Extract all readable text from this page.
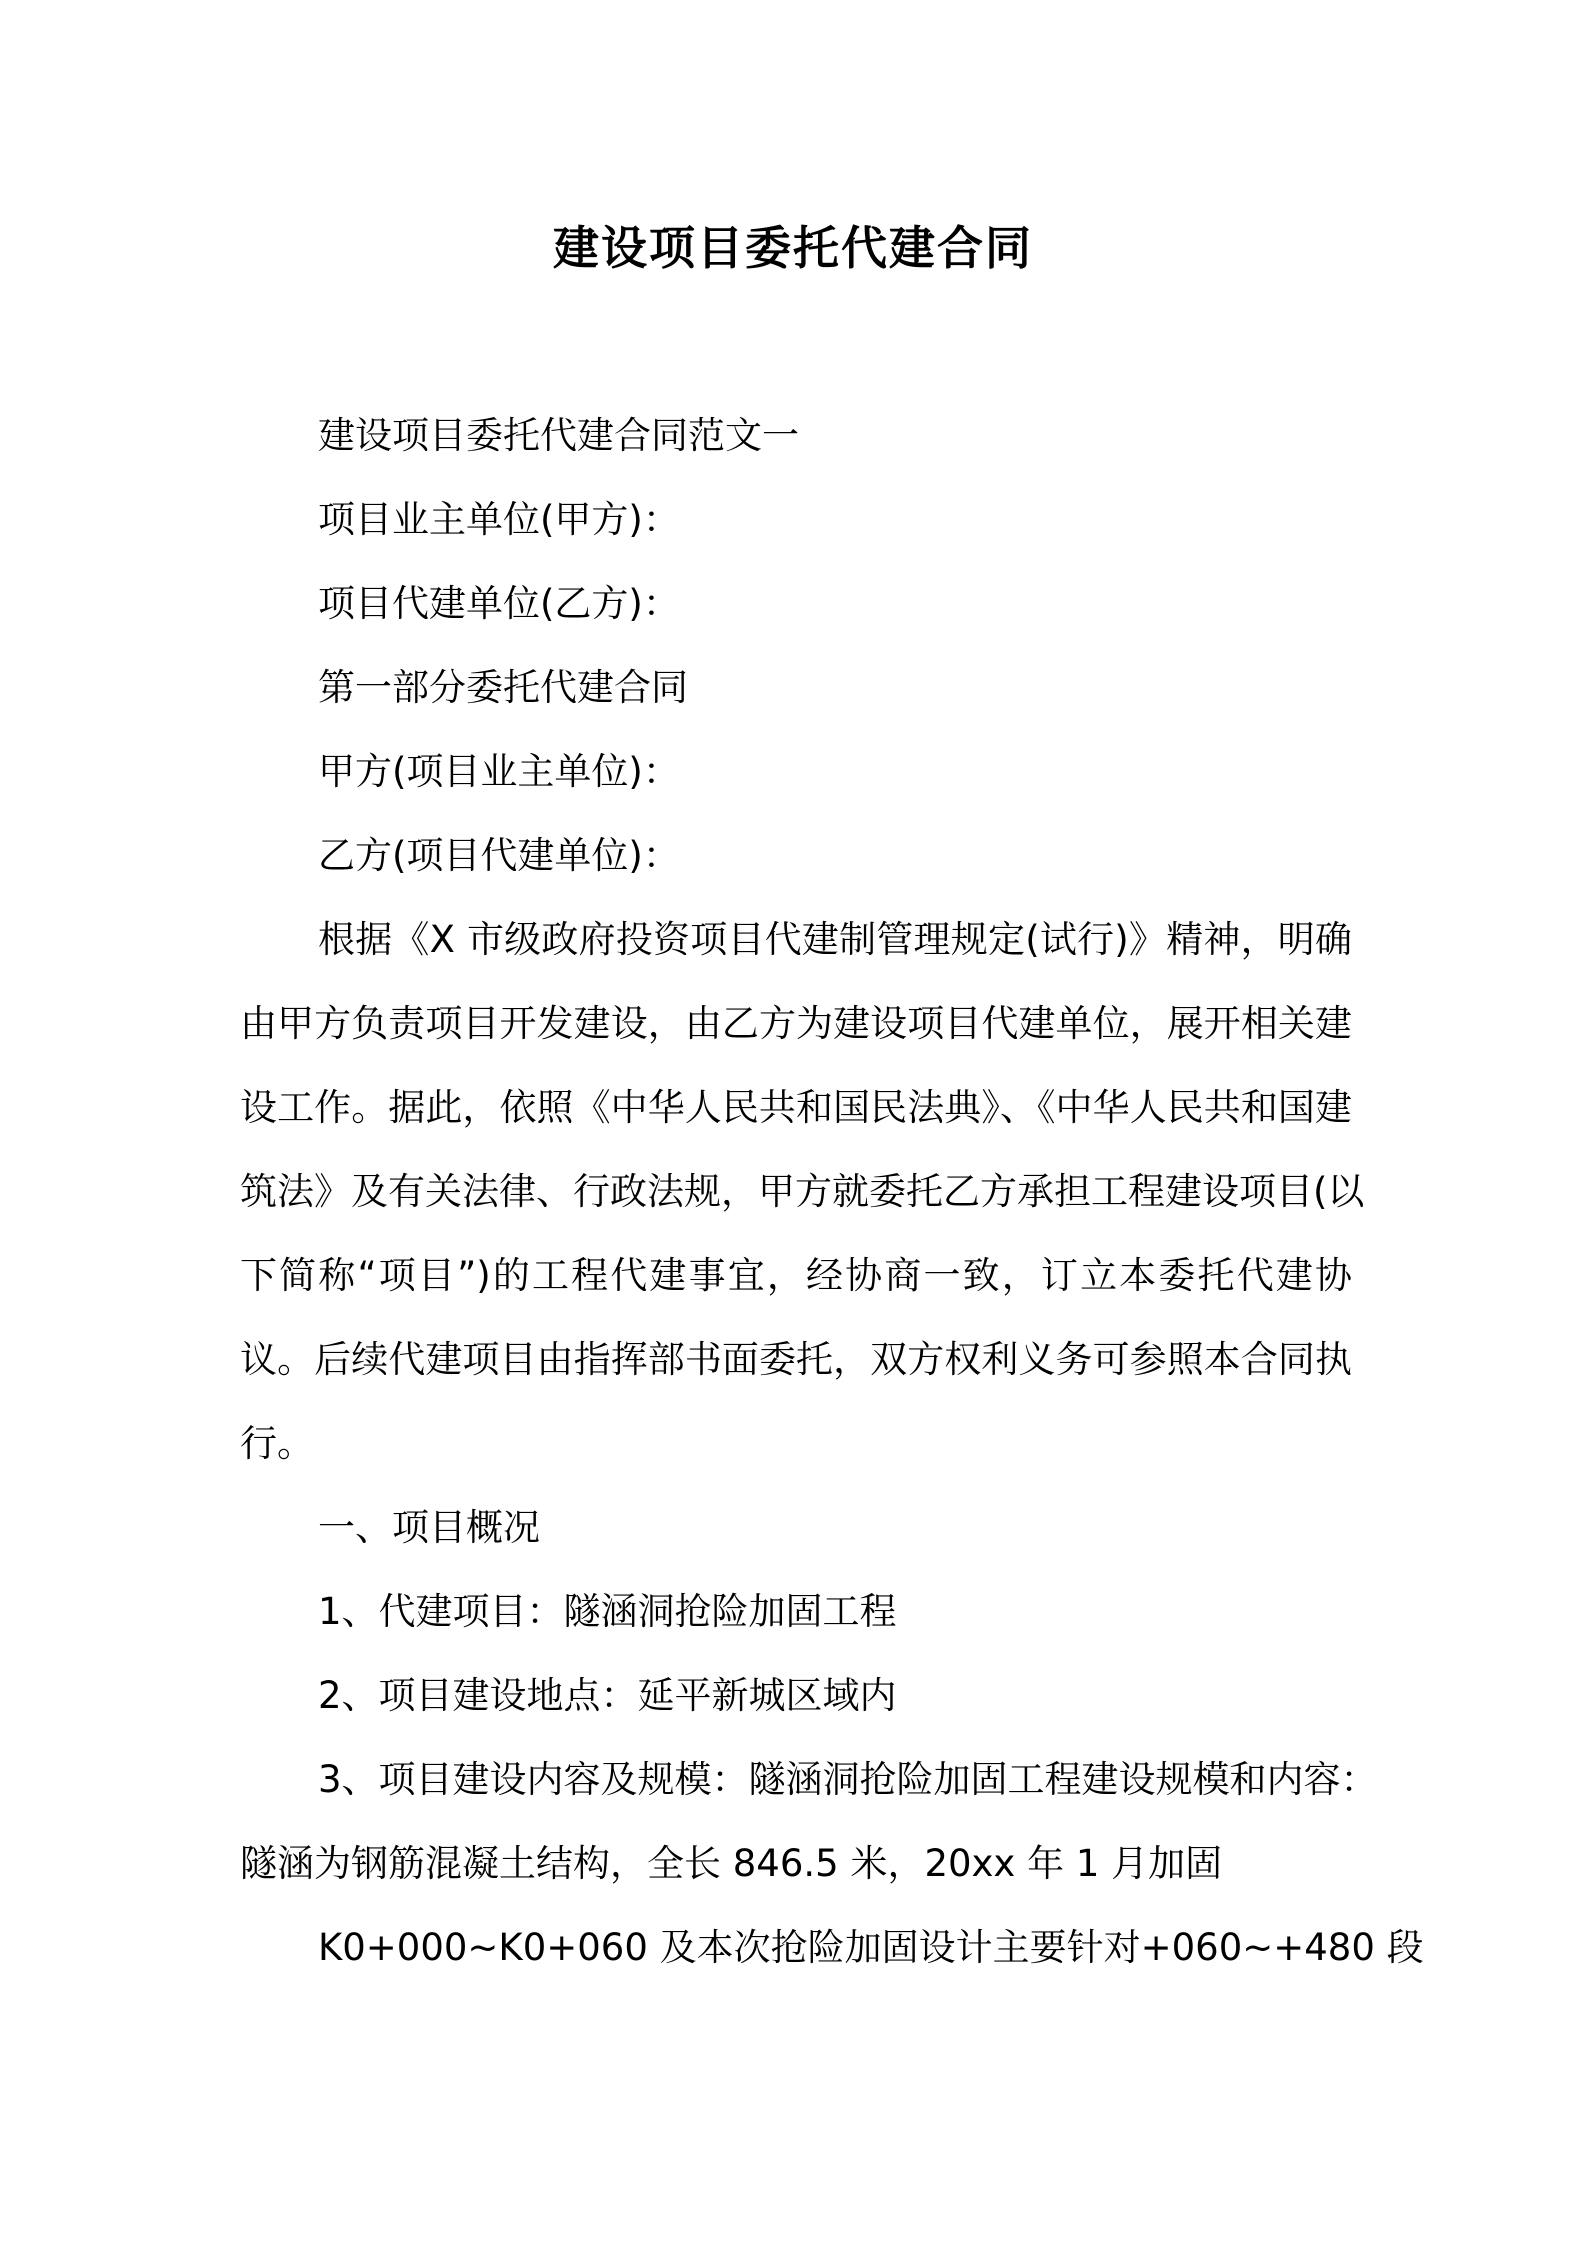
建设项目委托代建合同
建设项目委托代建合同范文一
项目业主单位(甲方)：
项目代建单位(乙方)：
第一部分委托代建合同
甲方(项目业主单位)：
乙方(项目代建单位)：
根据《X 市级政府投资项目代建制管理规定(试行)》精神，明确
由甲方负责项目开发建设，由乙方为建设项目代建单位，展开相关建
设工作。据此，依照《中华人民共和国民法典》、《中华人民共和国建
筑法》及有关法律、行政法规，甲方就委托乙方承担工程建设项目(以
下简称“项目”)的工程代建事宜，经协商一致，订立本委托代建协
议。后续代建项目由指挥部书面委托，双方权利义务可参照本合同执
行。
一、项目概况
1、代建项目：隧涵洞抢险加固工程
2、项目建设地点：延平新城区域内
3、项目建设内容及规模：隧涵洞抢险加固工程建设规模和内容：
隧涵为钢筋混凝土结构，全长 846.5 米，20xx 年 1 月加固
K0+000~K0+060 及本次抢险加固设计主要针对+060~+480 段
